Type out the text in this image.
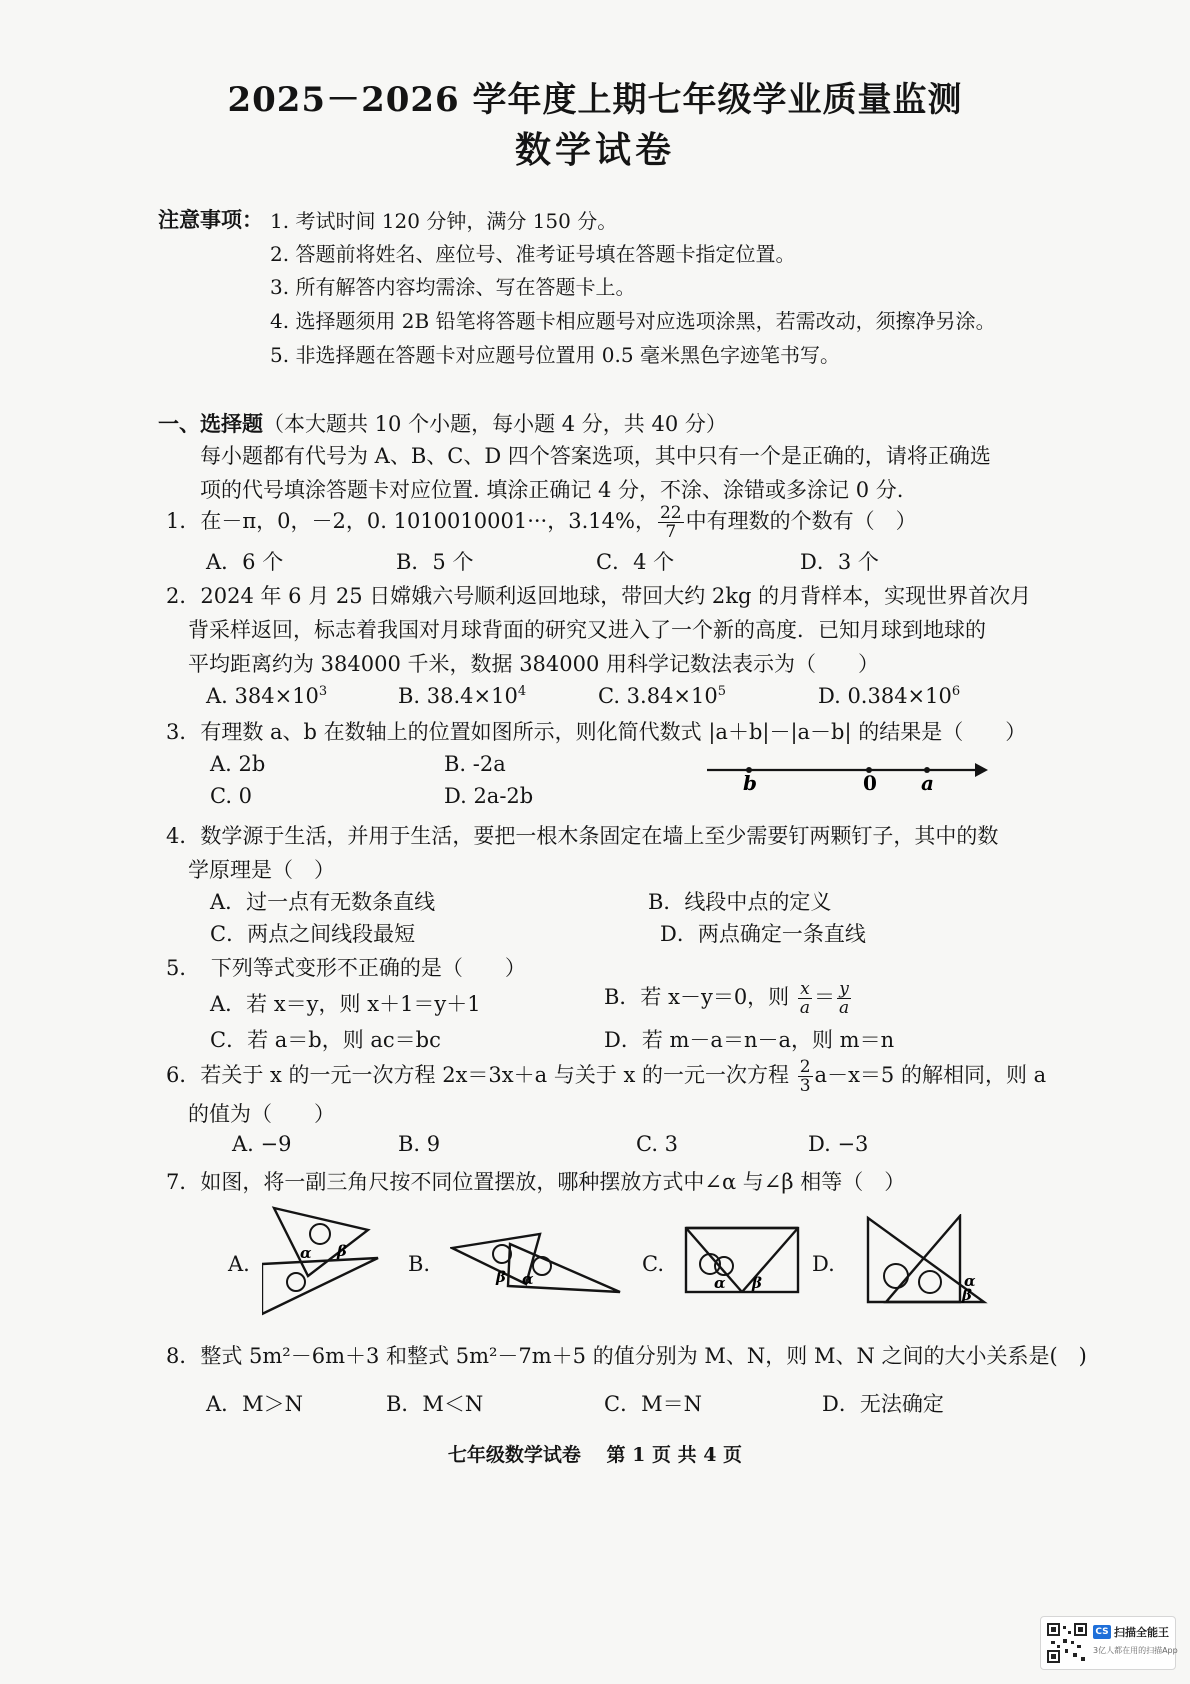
2025－2026 学年度上期七年级学业质量监测
数学试卷
注意事项： 1. 考试时间 120 分钟，满分 150 分。
2. 答题前将姓名、座位号、准考证号填在答题卡指定位置。
3. 所有解答内容均需涂、写在答题卡上。
4. 选择题须用 2B 铅笔将答题卡相应题号对应选项涂黑，若需改动，须擦净另涂。
5. 非选择题在答题卡对应题号位置用 0.5 毫米黑色字迹笔书写。
一、选择题（本大题共 10 个小题，每小题 4 分，共 40 分）
每小题都有代号为 A、B、C、D 四个答案选项，其中只有一个是正确的，请将正确选
项的代号填涂答题卡对应位置. 填涂正确记 4 分，不涂、涂错或多涂记 0 分.
1．在－π，0，－2，0. 1010010001···，3.14%， $\frac{22}{7}$ 中有理数的个数有（　）
A．6 个	B．5 个	C．4 个	D．3 个
2．2024 年 6 月 25 日嫦娥六号顺利返回地球，带回大约 2kg 的月背样本，实现世界首次月
背采样返回，标志着我国对月球背面的研究又进入了一个新的高度．已知月球到地球的
平均距离约为 384000 千米，数据 384000 用科学记数法表示为（　　）
A. $384\times 10^3$	B. $38.4\times 10^4$	C. $3.84\times 10^5$	D. $0.384\times 10^6$
3．有理数 a、b 在数轴上的位置如图所示，则化简代数式 |a＋b|－|a－b| 的结果是（　　）
A. 2b	B. -2a
C. 0	D. 2a-2b
b	0 a
4．数学源于生活，并用于生活，要把一根木条固定在墙上至少需要钉两颗钉子，其中的数
学原理是（　）
A．过一点有无数条直线	B．线段中点的定义
C．两点之间线段最短	D．两点确定一条直线
5．　下列等式变形不正确的是（　　）
A．若 x＝y，则 x＋1＝y＋1	B．若 x－y＝0，则 $\frac{x}{a} = \frac{y}{a}$
C．若 a＝b，则 ac＝bc	D．若 m－a＝n－a，则 m＝n
6．若关于 x 的一元一次方程 2x＝3x＋a 与关于 x 的一元一次方程 $\frac{2}{3} a-x=5$ 的解相同，则 a
的值为（　　）
A. −9	B. 9	C. 3	D. −3
7．如图，将一副三角尺按不同位置摆放，哪种摆放方式中∠α 与∠β 相等（　）
A.	α β
B.
β α
C.
α β
D.
α
β
8．整式 5m²－6m＋3 和整式 5m²－7m＋5 的值分别为 M、N，则 M、N 之间的大小关系是(　)
A．M＞N	B．M＜N	C．M＝N	D．无法确定
七年级数学试卷　 第 1 页 共 4 页
CS 扫描全能王
3亿人都在用的扫描App
